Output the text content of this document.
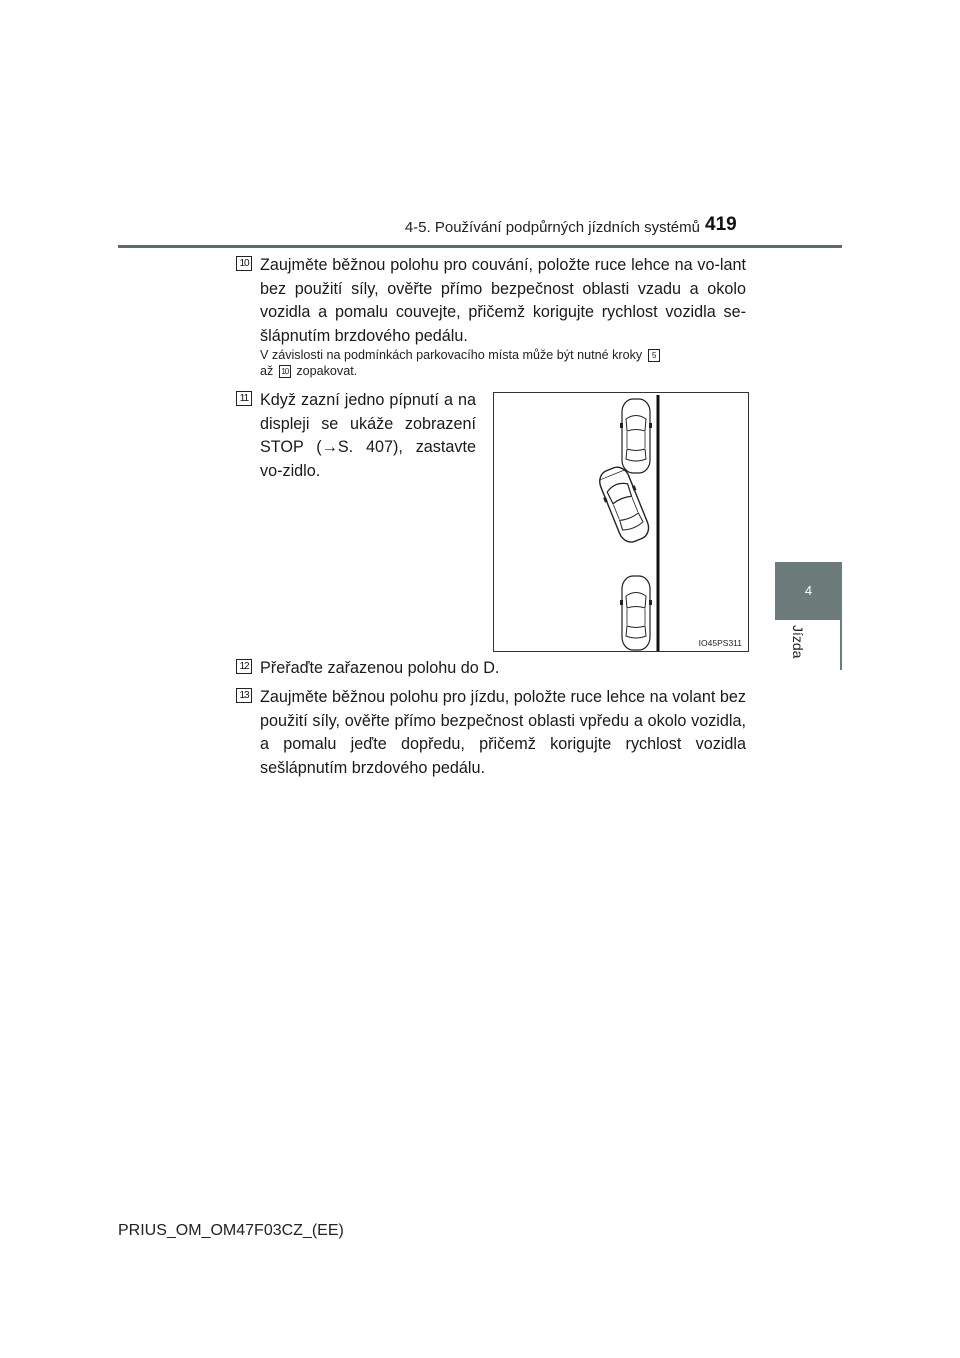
4-5. Používání podpůrných jízdních systémů 419
4
Jízda
10 Zaujměte běžnou polohu pro couvání, položte ruce lehce na vo-lant bez použití síly, ověřte přímo bezpečnost oblasti vzadu a okolo vozidla a pomalu couvejte, přičemž korigujte rychlost vozidla se-šlápnutím brzdového pedálu.
V závislosti na podmínkách parkovacího místa může být nutné kroky 5
až 10 zopakovat.
11 Když zazní jedno pípnutí a na displeji se ukáže zobrazení STOP (→S. 407), zastavte vo-zidlo.
IO45PS311
12 Přeřaďte zařazenou polohu do D.
13 Zaujměte běžnou polohu pro jízdu, položte ruce lehce na volant bez použití síly, ověřte přímo bezpečnost oblasti vpředu a okolo vozidla, a pomalu jeďte dopředu, přičemž korigujte rychlost vozidla sešlápnutím brzdového pedálu.
PRIUS_OM_OM47F03CZ_(EE)
